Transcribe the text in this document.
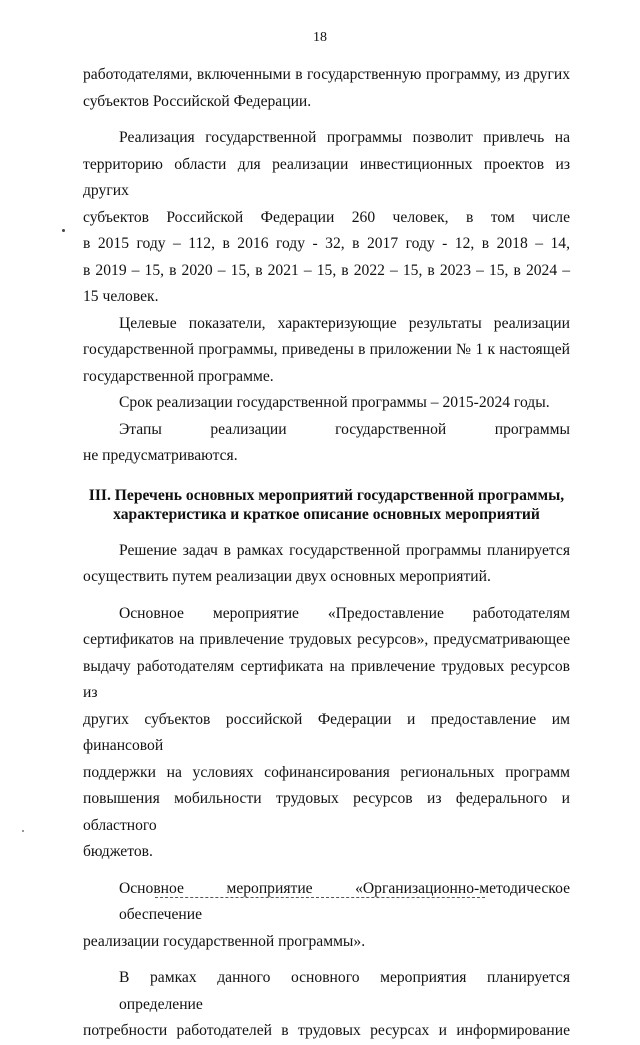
18

работодателями, включенными в государственную программу, из других
субъектов Российской Федерации.

Реализация государственной программы позволит привлечь на
территорию области для реализации инвестиционных проектов из других
субъектов Российской Федерации 260 человек, в том числе
в 2015 году – 112, в 2016 году - 32, в 2017 году - 12, в 2018 – 14,
в 2019 – 15, в 2020 – 15, в 2021 – 15, в 2022 – 15, в 2023 – 15, в 2024 –
15 человек.

Целевые показатели, характеризующие результаты реализации
государственной программы, приведены в приложении № 1 к настоящей
государственной программе.

Срок реализации государственной программы – 2015-2024 годы.

Этапы реализации государственной программы
не предусматриваются.

III. Перечень основных мероприятий государственной программы,
характеристика и краткое описание основных мероприятий

Решение задач в рамках государственной программы планируется
осуществить путем реализации двух основных мероприятий.

Основное мероприятие «Предоставление работодателям
сертификатов на привлечение трудовых ресурсов», предусматривающее
выдачу работодателям сертификата на привлечение трудовых ресурсов из
других субъектов российской Федерации и предоставление им финансовой
поддержки на условиях софинансирования региональных программ
повышения мобильности трудовых ресурсов из федерального и областного
бюджетов.

Основное мероприятие «Организационно-методическое обеспечение
реализации государственной программы».

В рамках данного основного мероприятия планируется определение
потребности работодателей в трудовых ресурсах и информирование
